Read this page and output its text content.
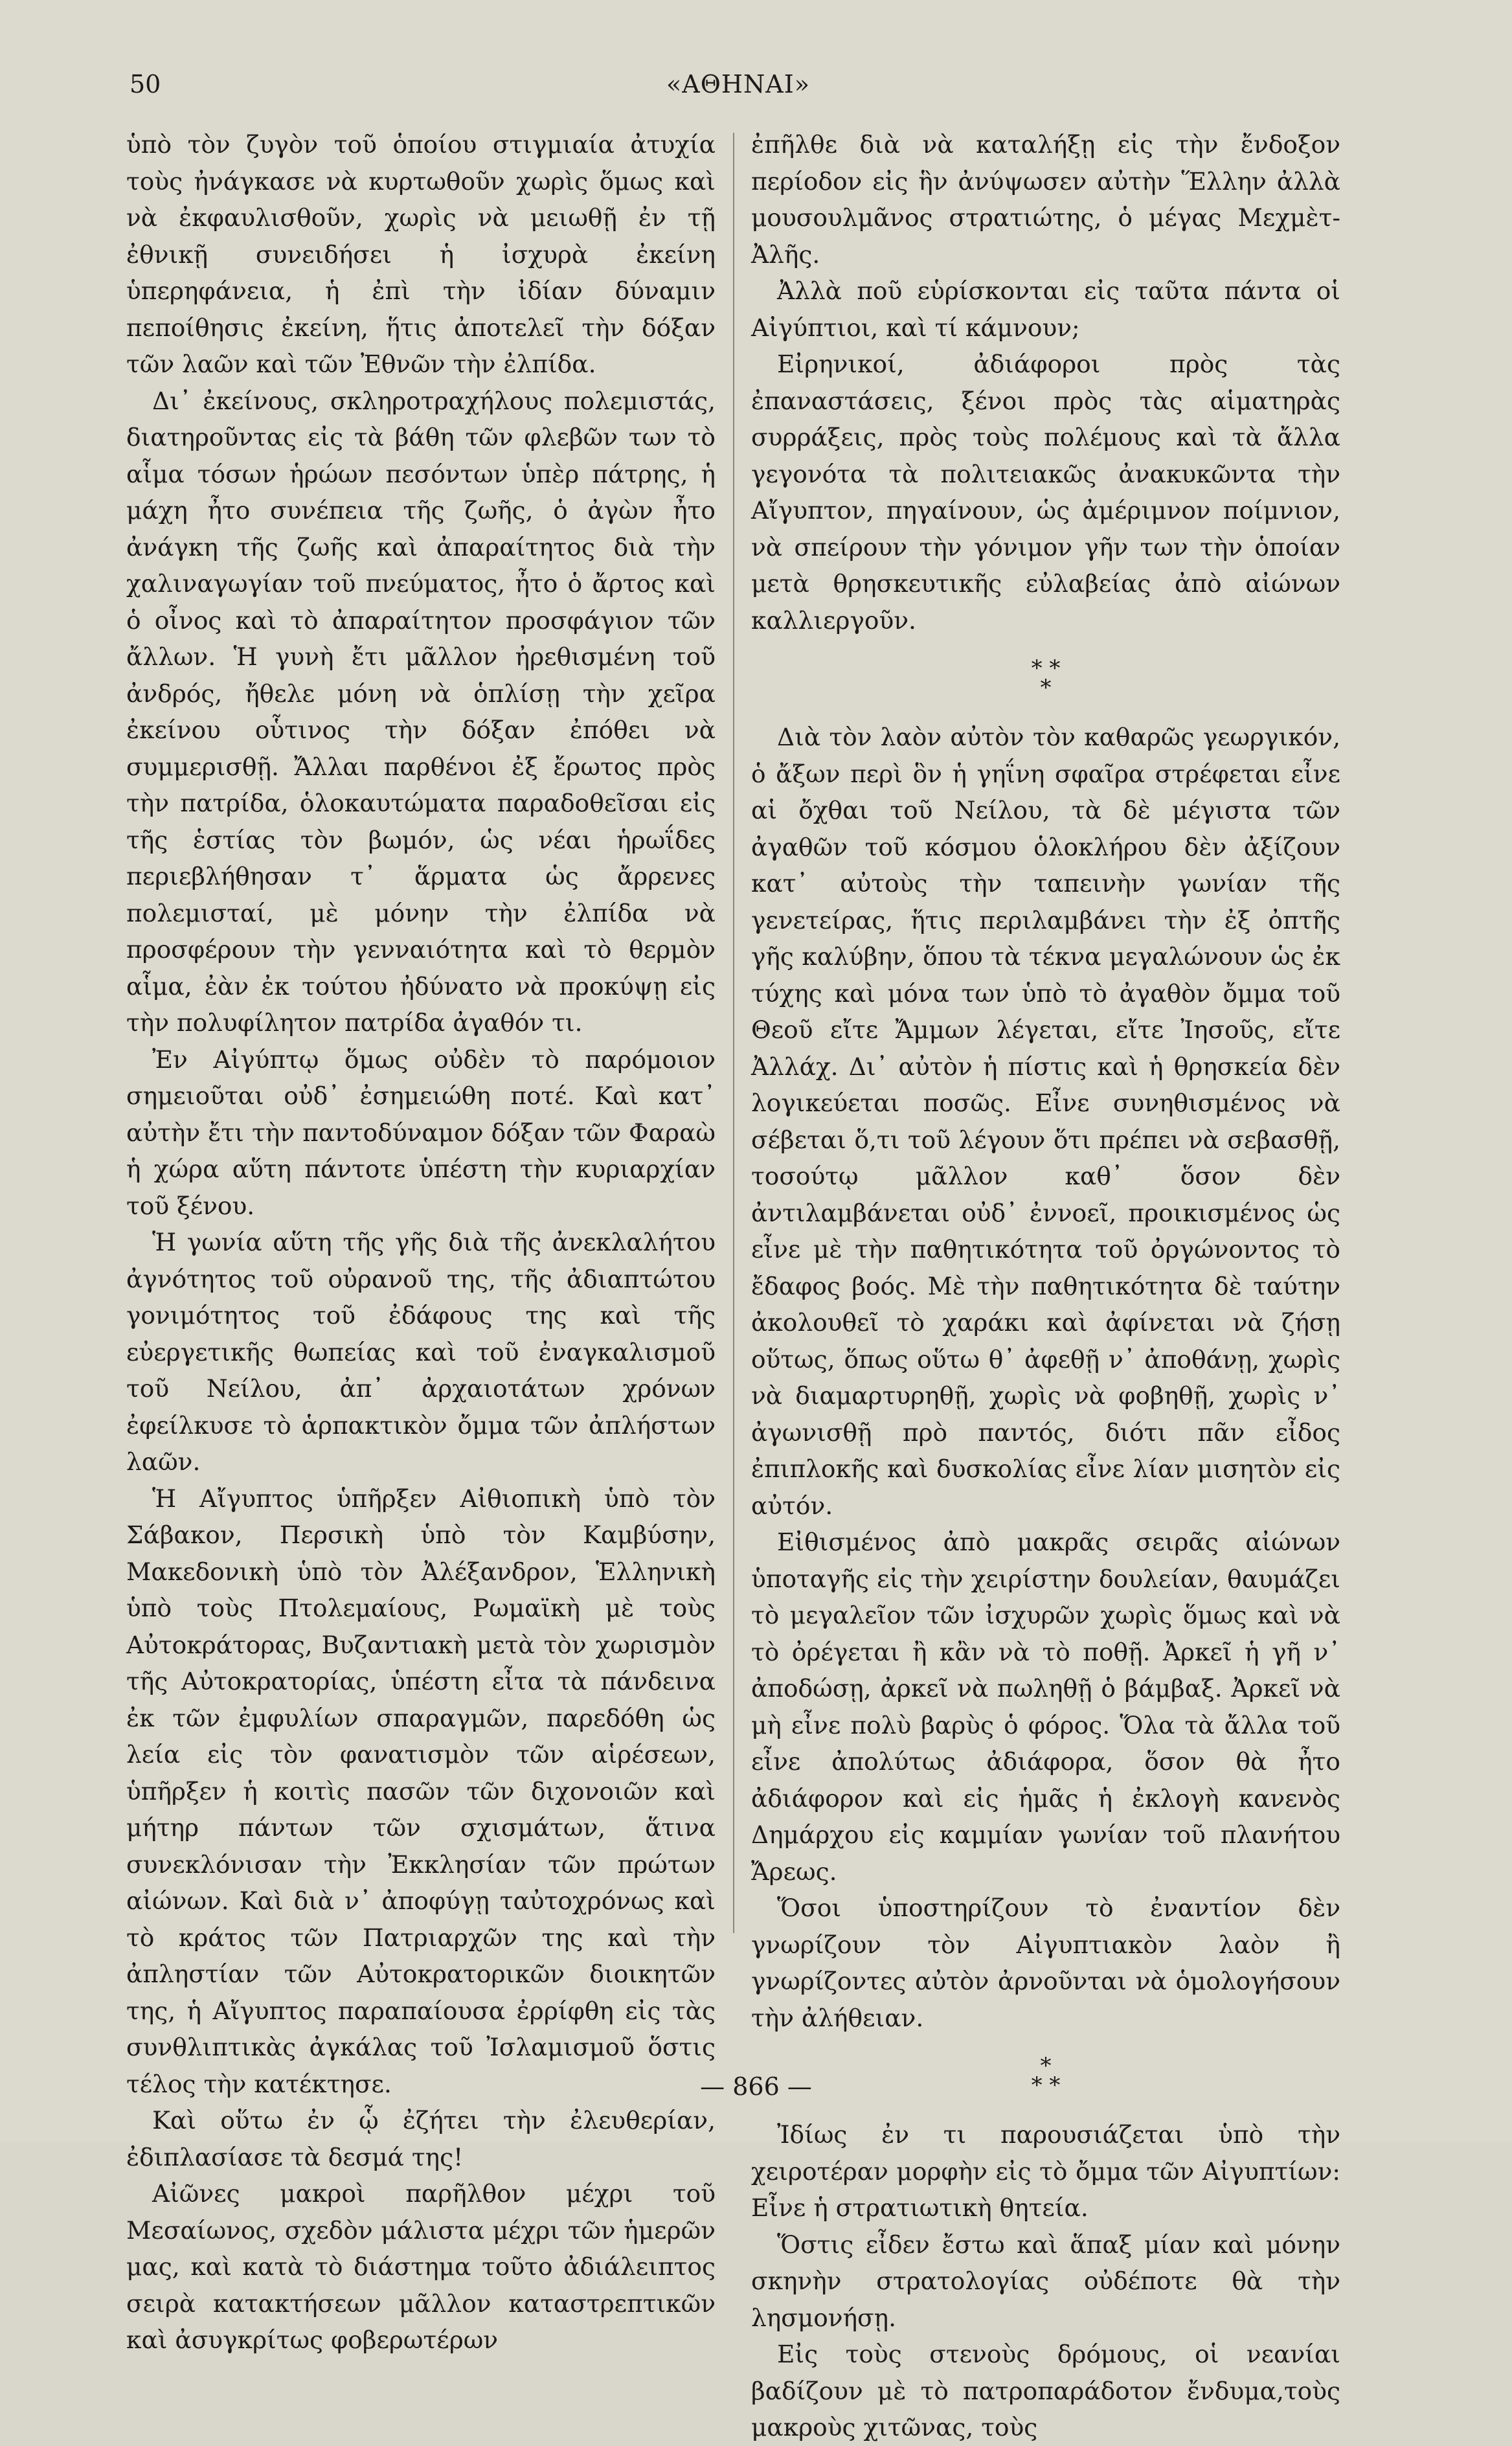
50	«ΑΘΗΝΑΙ»

ὑπὸ τὸν ζυγὸν τοῦ ὁποίου στιγμιαία ἀτυχία τοὺς ἠνάγκασε νὰ κυρτωθοῦν χωρὶς ὅμως καὶ νὰ ἐκφαυλισθοῦν, χωρὶς νὰ μειωθῇ ἐν τῇ ἐθνικῇ συνειδήσει ἡ ἰσχυρὰ ἐκείνη ὑπερηφάνεια, ἡ ἐπὶ τὴν ἰδίαν δύναμιν πεποίθησις ἐκείνη, ἥτις ἀποτελεῖ τὴν δόξαν τῶν λαῶν καὶ τῶν Ἐθνῶν τὴν ἐλπίδα.

Δι᾽ ἐκείνους, σκληροτραχήλους πολεμιστάς, διατηροῦντας εἰς τὰ βάθη τῶν φλεβῶν των τὸ αἷμα τόσων ἡρώων πεσόντων ὑπὲρ πάτρης, ἡ μάχη ἦτο συνέπεια τῆς ζωῆς, ὁ ἀγὼν ἦτο ἀνάγκη τῆς ζωῆς καὶ ἀπαραίτητος διὰ τὴν χαλιναγωγίαν τοῦ πνεύματος, ἦτο ὁ ἄρτος καὶ ὁ οἶνος καὶ τὸ ἀπαραίτητον προσφάγιον τῶν ἄλλων. Ἡ γυνὴ ἔτι μᾶλλον ἠρεθισμένη τοῦ ἀνδρός, ἤθελε μόνη νὰ ὁπλίσῃ τὴν χεῖρα ἐκείνου οὗτινος τὴν δόξαν ἐπόθει νὰ συμμερισθῇ. Ἄλλαι παρθένοι ἐξ ἔρωτος πρὸς τὴν πατρίδα, ὁλοκαυτώματα παραδοθεῖσαι εἰς τῆς ἑστίας τὸν βωμόν, ὡς νέαι ἡρωΐδες περιεβλήθησαν τ᾽ ἅρματα ὡς ἄρρενες πολεμισταί, μὲ μόνην τὴν ἐλπίδα νὰ προσφέρουν τὴν γενναιότητα καὶ τὸ θερμὸν αἷμα, ἐὰν ἐκ τούτου ἠδύνατο νὰ προκύψῃ εἰς τὴν πολυφίλητον πατρίδα ἀγαθόν τι.

Ἐν Αἰγύπτῳ ὅμως οὐδὲν τὸ παρόμοιον σημειοῦται οὐδ᾽ ἐσημειώθη ποτέ. Καὶ κατ᾽ αὐτὴν ἔτι τὴν παντοδύναμον δόξαν τῶν Φαραὼ ἡ χώρα αὕτη πάντοτε ὑπέστη τὴν κυριαρχίαν τοῦ ξένου.

Ἡ γωνία αὕτη τῆς γῆς διὰ τῆς ἀνεκλαλήτου ἀγνότητος τοῦ οὐρανοῦ της, τῆς ἀδιαπτώτου γονιμότητος τοῦ ἐδάφους της καὶ τῆς εὐεργετικῆς θωπείας καὶ τοῦ ἐναγκαλισμοῦ τοῦ Νείλου, ἀπ᾽ ἀρχαιοτάτων χρόνων ἐφείλκυσε τὸ ἁρπακτικὸν ὄμμα τῶν ἀπλήστων λαῶν.

Ἡ Αἴγυπτος ὑπῆρξεν Αἰθιοπικὴ ὑπὸ τὸν Σάβακον, Περσικὴ ὑπὸ τὸν Καμβύσην, Μακεδονικὴ ὑπὸ τὸν Ἀλέξανδρον, Ἑλληνικὴ ὑπὸ τοὺς Πτολεμαίους, Ρωμαϊκὴ μὲ τοὺς Αὐτοκράτορας, Βυζαντιακὴ μετὰ τὸν χωρισμὸν τῆς Αὐτοκρατορίας, ὑπέστη εἶτα τὰ πάνδεινα ἐκ τῶν ἐμφυλίων σπαραγμῶν, παρεδόθη ὡς λεία εἰς τὸν φανατισμὸν τῶν αἱρέσεων, ὑπῆρξεν ἡ κοιτὶς πασῶν τῶν διχονοιῶν καὶ μήτηρ πάντων τῶν σχισμάτων, ἅτινα συνεκλόνισαν τὴν Ἐκκλησίαν τῶν πρώτων αἰώνων. Καὶ διὰ ν᾽ ἀποφύγῃ ταὐτοχρόνως καὶ τὸ κράτος τῶν Πατριαρχῶν της καὶ τὴν ἀπληστίαν τῶν Αὐτοκρατορικῶν διοικητῶν της, ἡ Αἴγυπτος παραπαίουσα ἐρρίφθη εἰς τὰς συνθλιπτικὰς ἀγκάλας τοῦ Ἰσλαμισμοῦ ὅστις τέλος τὴν κατέκτησε.

Καὶ οὕτω ἐν ᾧ ἐζήτει τὴν ἐλευθερίαν, ἐδιπλασίασε τὰ δεσμά της!

Αἰῶνες μακροὶ παρῆλθον μέχρι τοῦ Μεσαίωνος, σχεδὸν μάλιστα μέχρι τῶν ἡμερῶν μας, καὶ κατὰ τὸ διάστημα τοῦτο ἀδιάλειπτος σειρὰ κατακτήσεων μᾶλλον καταστρεπτικῶν καὶ ἀσυγκρίτως φοβερωτέρων

ἐπῆλθε διὰ νὰ καταλήξῃ εἰς τὴν ἔνδοξον περίοδον εἰς ἣν ἀνύψωσεν αὐτὴν Ἕλλην ἀλλὰ μουσουλμᾶνος στρατιώτης, ὁ μέγας Μεχμὲτ-Ἀλῆς.

Ἀλλὰ ποῦ εὑρίσκονται εἰς ταῦτα πάντα οἱ Αἰγύπτιοι, καὶ τί κάμνουν;

Εἰρηνικοί, ἀδιάφοροι πρὸς τὰς ἐπαναστάσεις, ξένοι πρὸς τὰς αἱματηρὰς συρράξεις, πρὸς τοὺς πολέμους καὶ τὰ ἄλλα γεγονότα τὰ πολιτειακῶς ἀνακυκῶντα τὴν Αἴγυπτον, πηγαίνουν, ὡς ἀμέριμνον ποίμνιον, νὰ σπείρουν τὴν γόνιμον γῆν των τὴν ὁποίαν μετὰ θρησκευτικῆς εὐλαβείας ἀπὸ αἰώνων καλλιεργοῦν.

* *
*

Διὰ τὸν λαὸν αὐτὸν τὸν καθαρῶς γεωργικόν, ὁ ἄξων περὶ ὃν ἡ γηΐνη σφαῖρα στρέφεται εἶνε αἱ ὄχθαι τοῦ Νείλου, τὰ δὲ μέγιστα τῶν ἀγαθῶν τοῦ κόσμου ὁλοκλήρου δὲν ἀξίζουν κατ᾽ αὐτοὺς τὴν ταπεινὴν γωνίαν τῆς γενετείρας, ἥτις περιλαμβάνει τὴν ἐξ ὀπτῆς γῆς καλύβην, ὅπου τὰ τέκνα μεγαλώνουν ὡς ἐκ τύχης καὶ μόνα των ὑπὸ τὸ ἀγαθὸν ὄμμα τοῦ Θεοῦ εἴτε Ἄμμων λέγεται, εἴτε Ἰησοῦς, εἴτε Ἀλλάχ. Δι᾽ αὐτὸν ἡ πίστις καὶ ἡ θρησκεία δὲν λογικεύεται ποσῶς. Εἶνε συνηθισμένος νὰ σέβεται ὅ,τι τοῦ λέγουν ὅτι πρέπει νὰ σεβασθῇ, τοσούτῳ μᾶλλον καθ᾽ ὅσον δὲν ἀντιλαμβάνεται οὐδ᾽ ἐννοεῖ, προικισμένος ὡς εἶνε μὲ τὴν παθητικότητα τοῦ ὀργώνοντος τὸ ἔδαφος βοός. Μὲ τὴν παθητικότητα δὲ ταύτην ἀκολουθεῖ τὸ χαράκι καὶ ἀφίνεται νὰ ζήσῃ οὕτως, ὅπως οὕτω θ᾽ ἀφεθῇ ν᾽ ἀποθάνῃ, χωρὶς νὰ διαμαρτυρηθῇ, χωρὶς νὰ φοβηθῇ, χωρὶς ν᾽ ἀγωνισθῇ πρὸ παντός, διότι πᾶν εἶδος ἐπιπλοκῆς καὶ δυσκολίας εἶνε λίαν μισητὸν εἰς αὐτόν.

Εἰθισμένος ἀπὸ μακρᾶς σειρᾶς αἰώνων ὑποταγῆς εἰς τὴν χειρίστην δουλείαν, θαυμάζει τὸ μεγαλεῖον τῶν ἰσχυρῶν χωρὶς ὅμως καὶ νὰ τὸ ὀρέγεται ἢ κἂν νὰ τὸ ποθῇ. Ἀρκεῖ ἡ γῆ ν᾽ ἀποδώσῃ, ἀρκεῖ νὰ πωληθῇ ὁ βάμβαξ. Ἀρκεῖ νὰ μὴ εἶνε πολὺ βαρὺς ὁ φόρος. Ὅλα τὰ ἄλλα τοῦ εἶνε ἀπολύτως ἀδιάφορα, ὅσον θὰ ἦτο ἀδιάφορον καὶ εἰς ἡμᾶς ἡ ἐκλογὴ κανενὸς Δημάρχου εἰς καμμίαν γωνίαν τοῦ πλανήτου Ἄρεως.

Ὅσοι ὑποστηρίζουν τὸ ἐναντίον δὲν γνωρίζουν τὸν Αἰγυπτιακὸν λαὸν ἢ γνωρίζοντες αὐτὸν ἀρνοῦνται νὰ ὁμολογήσουν τὴν ἀλήθειαν.

*
* *

Ἰδίως ἐν τι παρουσιάζεται ὑπὸ τὴν χειροτέραν μορφὴν εἰς τὸ ὄμμα τῶν Αἰγυπτίων: Εἶνε ἡ στρατιωτικὴ θητεία.

Ὅστις εἶδεν ἔστω καὶ ἅπαξ μίαν καὶ μόνην σκηνὴν στρατολογίας οὐδέποτε θὰ τὴν λησμονήσῃ.

Εἰς τοὺς στενοὺς δρόμους, οἱ νεανίαι βαδίζουν μὲ τὸ πατροπαράδοτον ἔνδυμα,τοὺς μακροὺς χιτῶνας, τοὺς

— 866 —
